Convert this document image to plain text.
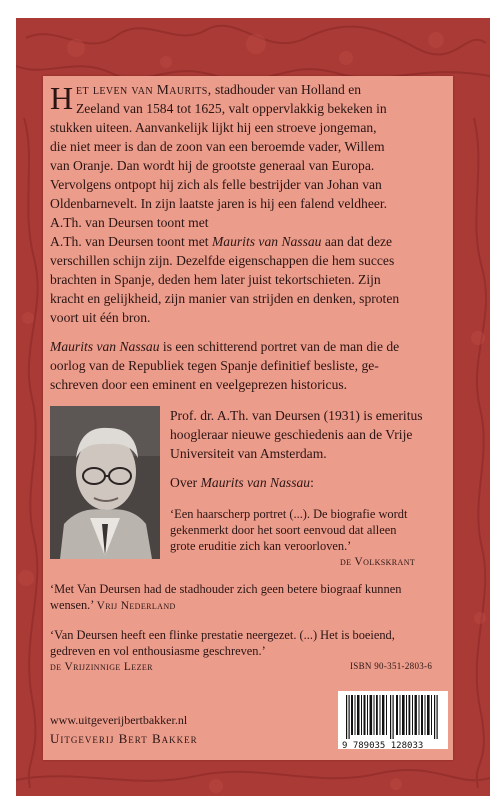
H et leven van Maurits, stadhouder van Holland en
Zeeland van 1584 tot 1625, valt oppervlakkig bekeken in
stukken uiteen. Aanvankelijk lijkt hij een stroeve jongeman,
die niet meer is dan de zoon van een beroemde vader, Willem
van Oranje. Dan wordt hij de grootste generaal van Europa.
Vervolgens ontpopt hij zich als felle bestrijder van Johan van
Oldenbarnevelt. In zijn laatste jaren is hij een falend veldheer.
A.Th. van Deursen toont met
A.Th. van Deursen toont met Maurits van Nassau aan dat deze
verschillen schijn zijn. Dezelfde eigenschappen die hem succes
brachten in Spanje, deden hem later juist tekortschieten. Zijn
kracht en gelijkheid, zijn manier van strijden en denken, sproten
voort uit één bron.
Maurits van Nassau is een schitterend portret van de man die de
oorlog van de Republiek tegen Spanje definitief besliste, ge-
schreven door een eminent en veelgeprezen historicus.
Prof. dr. A.Th. van Deursen (1931) is emeritus
hoogleraar nieuwe geschiedenis aan de Vrije
Universiteit van Amsterdam.
Over Maurits van Nassau:
‘Een haarscherp portret (...). De biografie wordt
gekenmerkt door het soort eenvoud dat alleen
grote eruditie zich kan veroorloven.’
de Volkskrant
‘Met Van Deursen had de stadhouder zich geen betere biograaf kunnen
wensen.’ Vrij Nederland
‘Van Deursen heeft een flinke prestatie neergezet. (...) Het is boeiend,
gedreven en vol enthousiasme geschreven.’
de Vrijzinnige Lezer	ISBN 90-351-2803-6
9 789035 128033
www.uitgeverijbertbakker.nl
Uitgeverij Bert Bakker
